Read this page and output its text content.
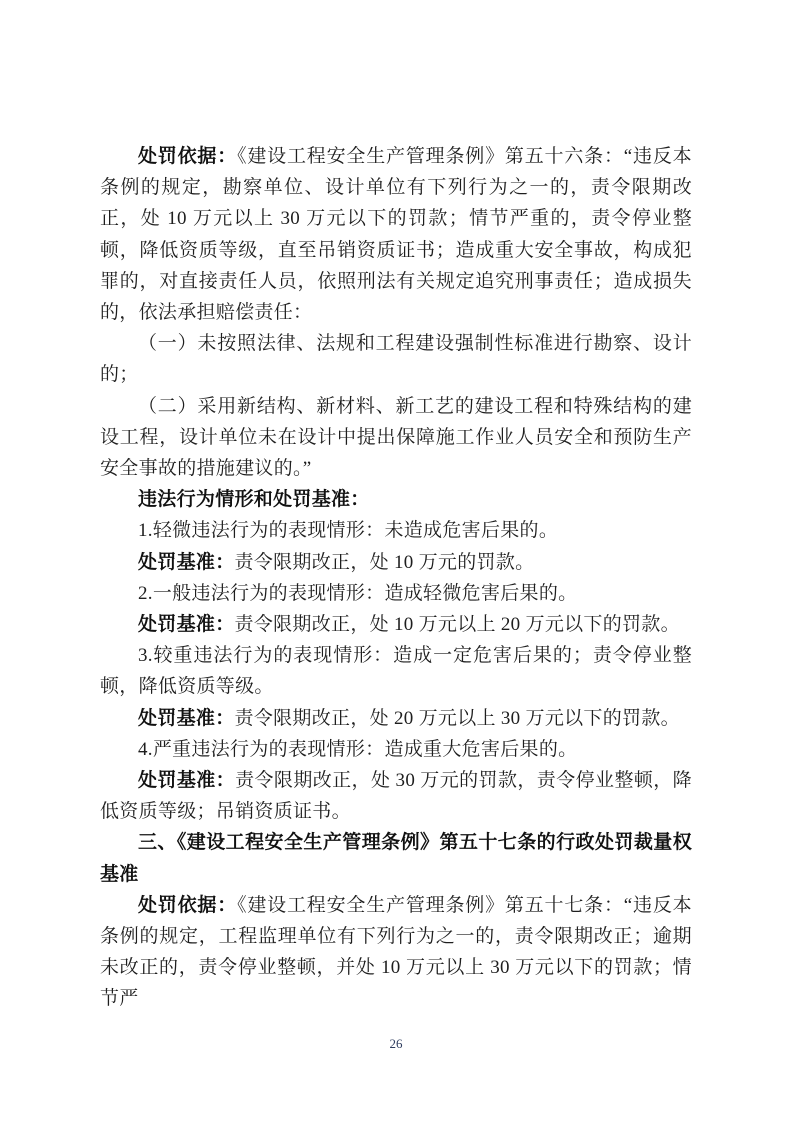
处罚依据：《建设工程安全生产管理条例》第五十六条：“违反本条例的规定，勘察单位、设计单位有下列行为之一的，责令限期改正，处 10 万元以上 30 万元以下的罚款；情节严重的，责令停业整顿，降低资质等级，直至吊销资质证书；造成重大安全事故，构成犯罪的，对直接责任人员，依照刑法有关规定追究刑事责任；造成损失的，依法承担赔偿责任：

（一）未按照法律、法规和工程建设强制性标准进行勘察、设计的；

（二）采用新结构、新材料、新工艺的建设工程和特殊结构的建设工程，设计单位未在设计中提出保障施工作业人员安全和预防生产安全事故的措施建议的。”

违法行为情形和处罚基准：

1.轻微违法行为的表现情形：未造成危害后果的。

处罚基准：责令限期改正，处 10 万元的罚款。

2.一般违法行为的表现情形：造成轻微危害后果的。

处罚基准：责令限期改正，处 10 万元以上 20 万元以下的罚款。

3.较重违法行为的表现情形：造成一定危害后果的；责令停业整顿，降低资质等级。

处罚基准：责令限期改正，处 20 万元以上 30 万元以下的罚款。

4.严重违法行为的表现情形：造成重大危害后果的。

处罚基准：责令限期改正，处 30 万元的罚款，责令停业整顿，降低资质等级；吊销资质证书。

三、《建设工程安全生产管理条例》第五十七条的行政处罚裁量权基准

处罚依据：《建设工程安全生产管理条例》第五十七条：“违反本条例的规定，工程监理单位有下列行为之一的，责令限期改正；逾期未改正的，责令停业整顿，并处 10 万元以上 30 万元以下的罚款；情节严

26
